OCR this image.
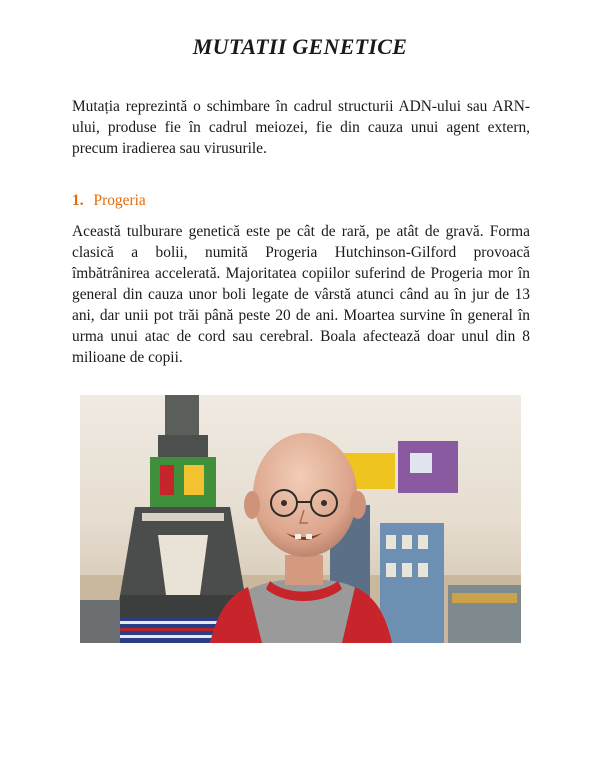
MUTATII GENETICE

Mutația reprezintă o schimbare în cadrul structurii ADN-ului sau ARN-ului, produse fie în cadrul meiozei, fie din cauza unui agent extern, precum iradierea sau virusurile.

1. Progeria

Această tulburare genetică este pe cât de rară, pe atât de gravă. Forma clasică a bolii, numită Progeria Hutchinson-Gilford provoacă îmbătrânirea accelerată. Majoritatea copiilor suferind de Progeria mor în general din cauza unor boli legate de vârstă atunci când au în jur de 13 ani, dar unii pot trăi până peste 20 de ani. Moartea survine în general în urma unui atac de cord sau cerebral. Boala afectează doar unul din 8 milioane de copii.
